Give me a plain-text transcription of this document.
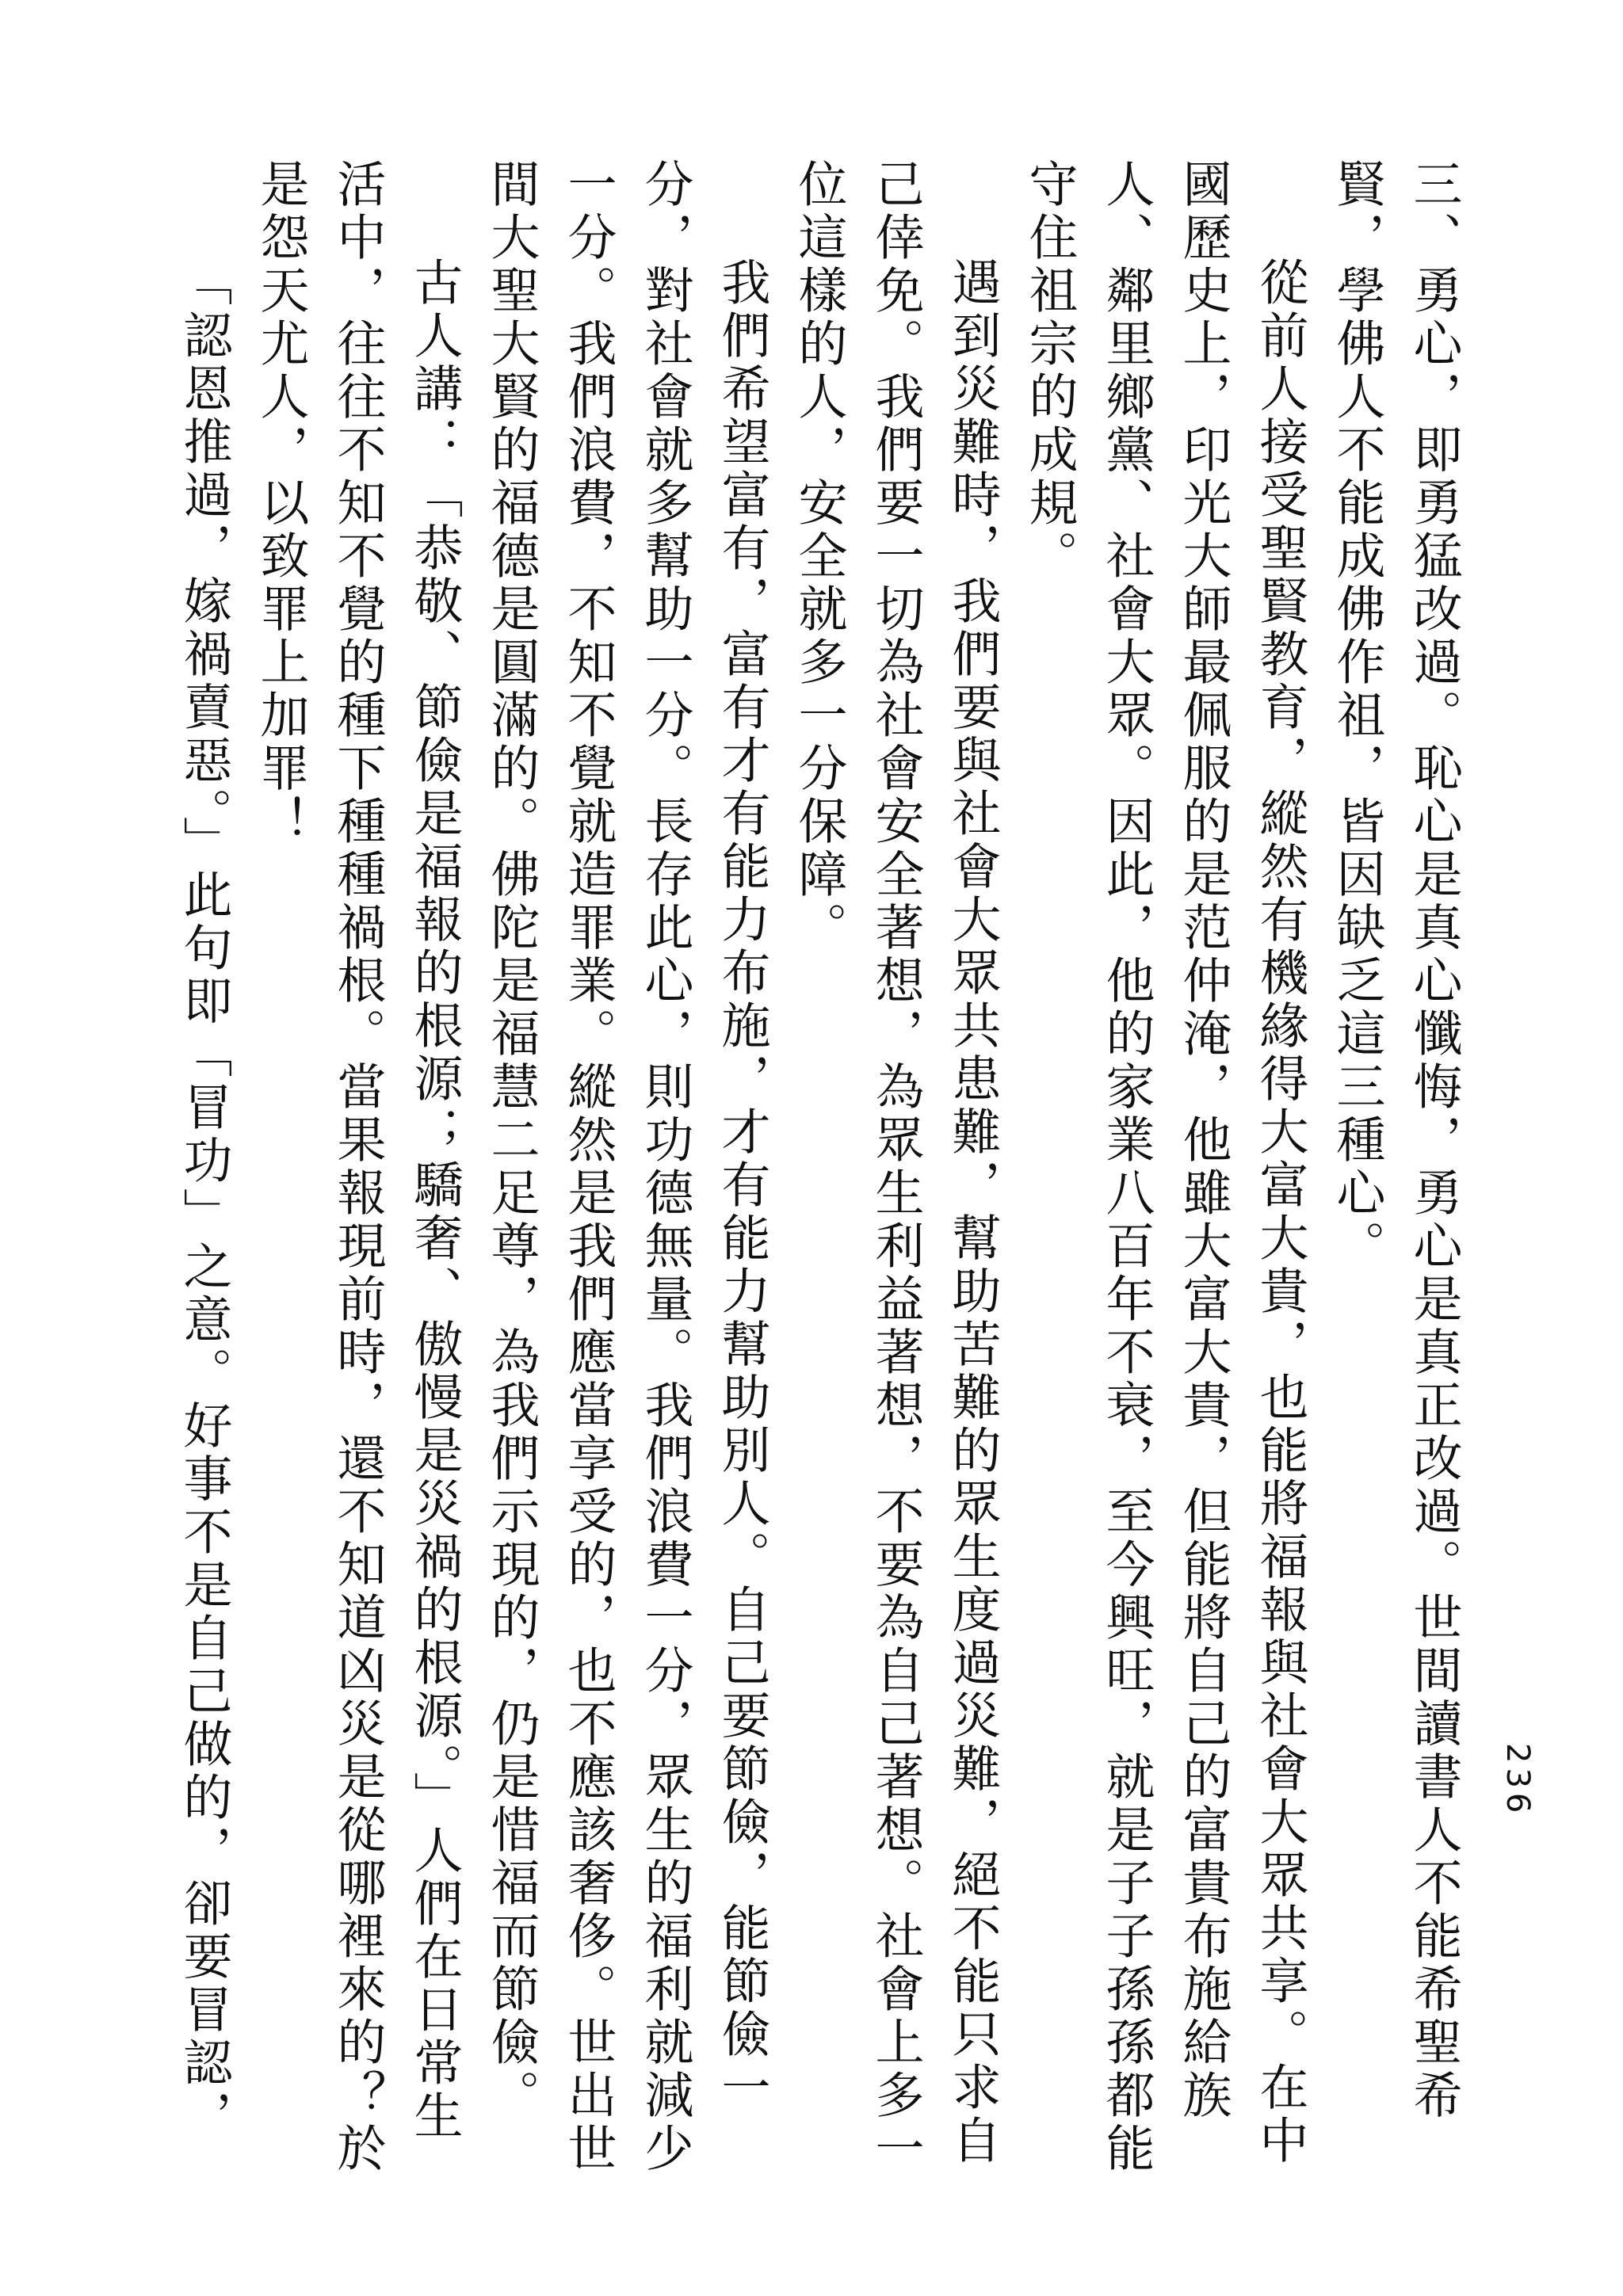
236

三、勇心，即勇猛改過。恥心是真心懺悔，勇心是真正改過。世間讀書人不能希聖希賢，學佛人不能成佛作祖，皆因缺乏這三種心。

從前人接受聖賢教育，縱然有機緣得大富大貴，也能將福報與社會大眾共享。在中國歷史上，印光大師最佩服的是范仲淹，他雖大富大貴，但能將自己的富貴布施給族人、鄰里鄉黨、社會大眾。因此，他的家業八百年不衰，至今興旺，就是子子孫孫都能守住祖宗的成規。

遇到災難時，我們要與社會大眾共患難，幫助苦難的眾生度過災難，絕不能只求自己倖免。我們要一切為社會安全著想，為眾生利益著想，不要為自己著想。社會上多一位這樣的人，安全就多一分保障。

我們希望富有，富有才有能力布施，才有能力幫助別人。自己要節儉，能節儉一分，對社會就多幫助一分。長存此心，則功德無量。我們浪費一分，眾生的福利就減少一分。我們浪費，不知不覺就造罪業。縱然是我們應當享受的，也不應該奢侈。世出世間大聖大賢的福德是圓滿的。佛陀是福慧二足尊，為我們示現的，仍是惜福而節儉。

古人講：「恭敬、節儉是福報的根源；驕奢、傲慢是災禍的根源。」人們在日常生活中，往往不知不覺的種下種種禍根。當果報現前時，還不知道凶災是從哪裡來的？於是怨天尤人，以致罪上加罪！

「認恩推過，嫁禍賣惡。」此句即「冒功」之意。好事不是自己做的，卻要冒認，
